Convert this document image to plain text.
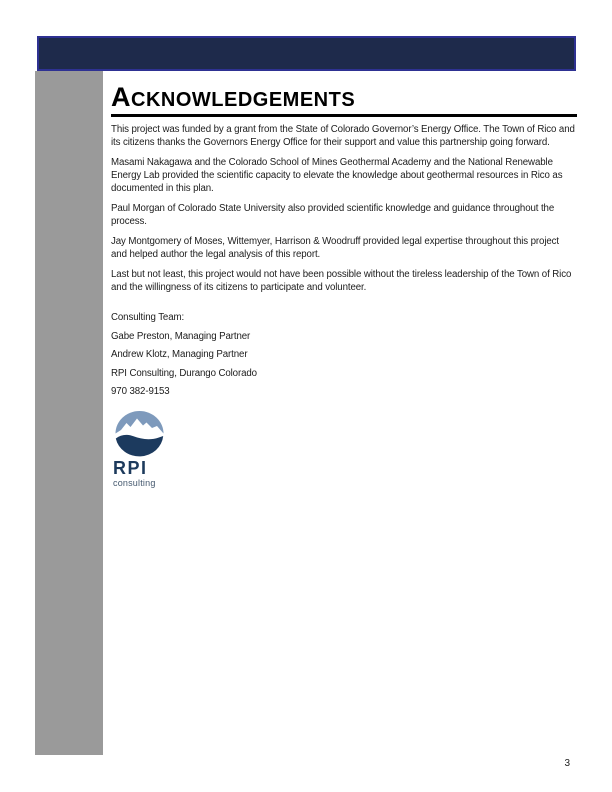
ACKNOWLEDGEMENTS

This project was funded by a grant from the State of Colorado Governor’s Energy Office. The Town of Rico and its citizens thanks the Governors Energy Office for their support and value this partnership going forward.

Masami Nakagawa and the Colorado School of Mines Geothermal Academy and the National Renewable Energy Lab provided the scientific capacity to elevate the knowledge about geothermal resources in Rico as documented in this plan.

Paul Morgan of Colorado State University also provided scientific knowledge and guidance throughout the process.

Jay Montgomery of Moses, Wittemyer, Harrison & Woodruff provided legal expertise throughout this project and helped author the legal analysis of this report.

Last but not least, this project would not have been possible without the tireless leadership of the Town of Rico and the willingness of its citizens to participate and volunteer.

Consulting Team:

Gabe Preston, Managing Partner

Andrew Klotz, Managing Partner

RPI Consulting, Durango Colorado

970 382-9153

RPI
consulting
3
